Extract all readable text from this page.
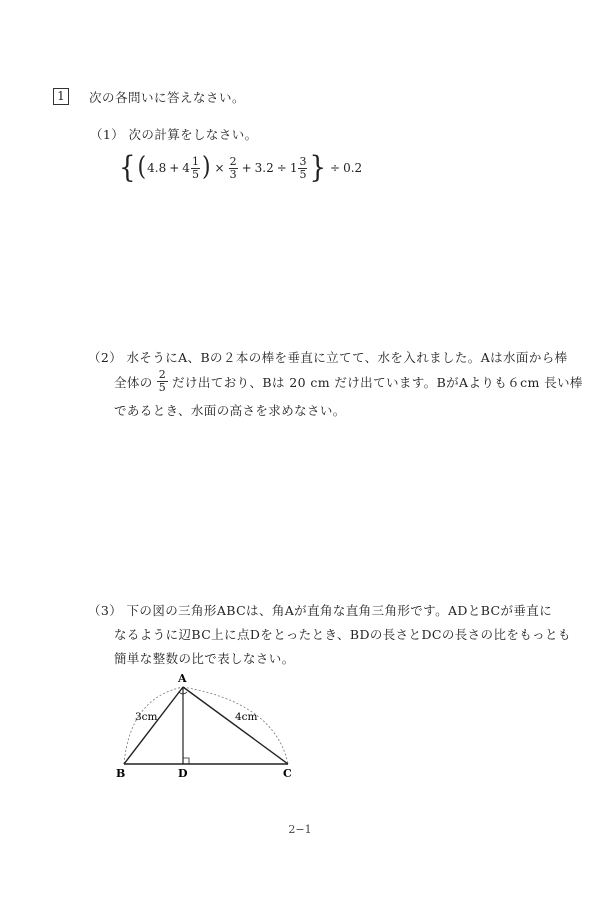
1	次の各問いに答えなさい。
（1） 次の計算をしなさい。
{ ( $4.8 + 4 \frac{1}{5}$ ) × $\frac{2}{3} + 3.2 \div 1 \frac{3}{5}$ } ÷ 0.2
（2） 水そうにA、Bの２本の棒を垂直に立てて、水を入れました。Aは水面から棒
全体の $\frac{2}{5}$ だけ出ており、Bは 20 cm だけ出ています。BがAよりも６cm 長い棒
であるとき、水面の高さを求めなさい。
（3） 下の図の三角形ABCは、角Aが直角な直角三角形です。ADとBCが垂直に
なるように辺BC上に点Dをとったとき、BDの長さとDCの長さの比をもっとも
簡単な整数の比で表しなさい。
A
B	D	C
3cm	4cm
2−1
